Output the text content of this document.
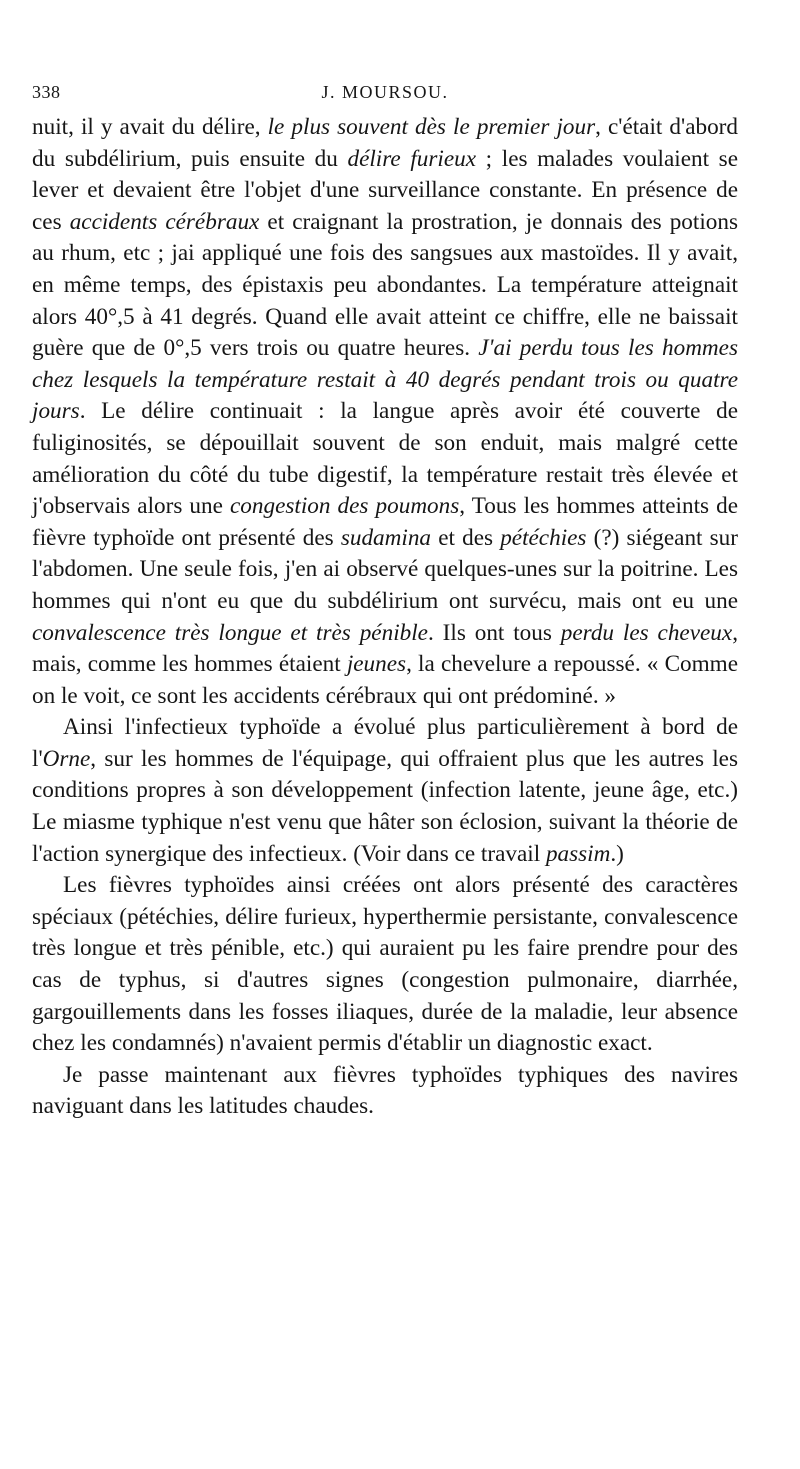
338	J. MOURSOU.

nuit, il y avait du délire, le plus souvent dès le premier jour, c'était d'abord du subdélirium, puis ensuite du délire furieux ; les malades voulaient se lever et devaient être l'objet d'une surveillance constante. En présence de ces accidents cérébraux et craignant la prostration, je donnais des potions au rhum, etc ; jai appliqué une fois des sangsues aux mastoïdes. Il y avait, en même temps, des épistaxis peu abondantes. La température atteignait alors 40°,5 à 41 degrés. Quand elle avait atteint ce chiffre, elle ne baissait guère que de 0°,5 vers trois ou quatre heures. J'ai perdu tous les hommes chez lesquels la température restait à 40 degrés pendant trois ou quatre jours. Le délire continuait : la langue après avoir été couverte de fuliginosités, se dépouillait souvent de son enduit, mais malgré cette amélioration du côté du tube digestif, la température restait très élevée et j'observais alors une congestion des poumons, Tous les hommes atteints de fièvre typhoïde ont présenté des sudamina et des pétéchies (?) siégeant sur l'abdomen. Une seule fois, j'en ai observé quelques-unes sur la poitrine. Les hommes qui n'ont eu que du subdélirium ont survécu, mais ont eu une convalescence très longue et très pénible. Ils ont tous perdu les cheveux, mais, comme les hommes étaient jeunes, la chevelure a repoussé. « Comme on le voit, ce sont les accidents cérébraux qui ont prédominé. »

Ainsi l'infectieux typhoïde a évolué plus particulièrement à bord de l'Orne, sur les hommes de l'équipage, qui offraient plus que les autres les conditions propres à son développement (infection latente, jeune âge, etc.) Le miasme typhique n'est venu que hâter son éclosion, suivant la théorie de l'action synergique des infectieux. (Voir dans ce travail passim.)

Les fièvres typhoïdes ainsi créées ont alors présenté des caractères spéciaux (pétéchies, délire furieux, hyperthermie persistante, convalescence très longue et très pénible, etc.) qui auraient pu les faire prendre pour des cas de typhus, si d'autres signes (congestion pulmonaire, diarrhée, gargouillements dans les fosses iliaques, durée de la maladie, leur absence chez les condamnés) n'avaient permis d'établir un diagnostic exact.

Je passe maintenant aux fièvres typhoïdes typhiques des navires naviguant dans les latitudes chaudes.
